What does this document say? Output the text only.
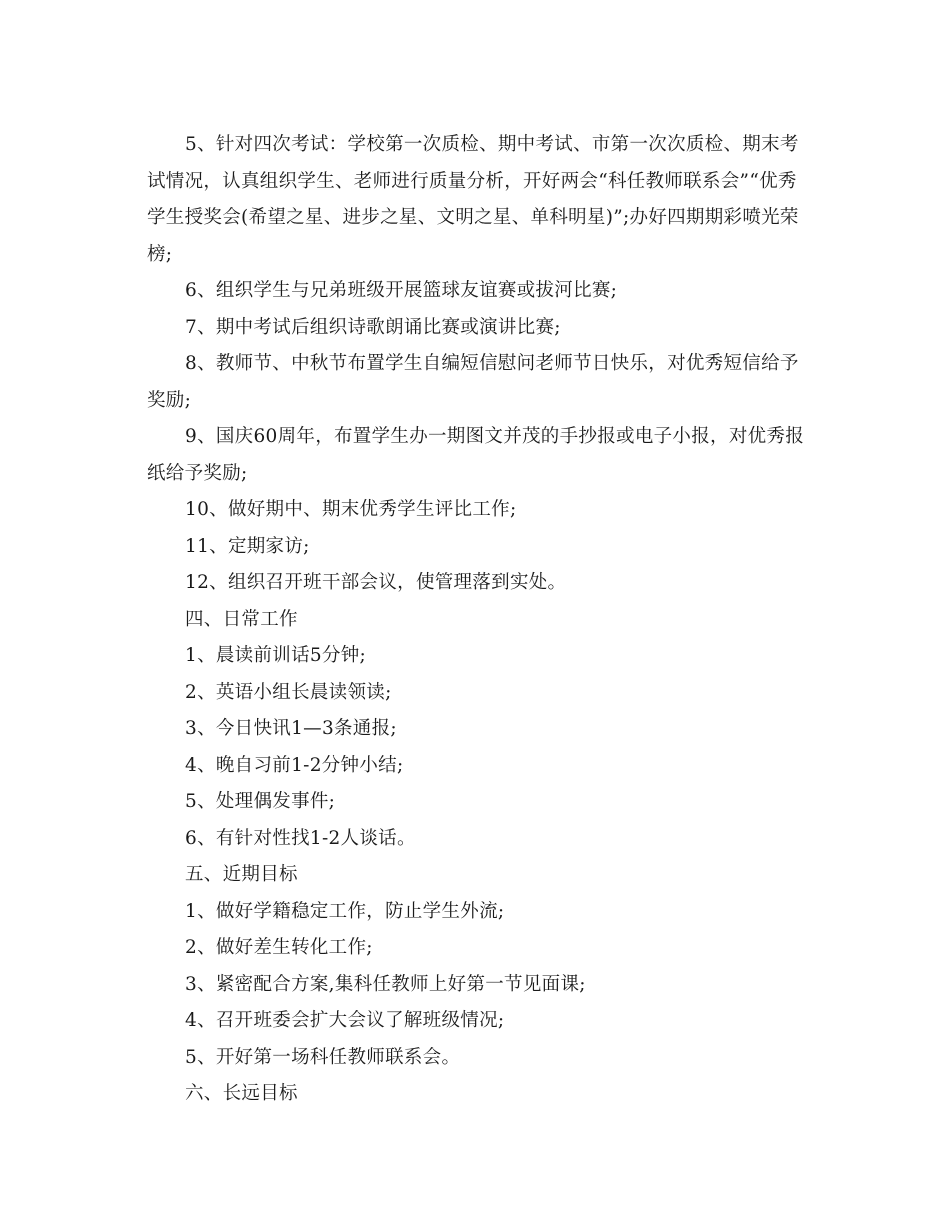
5、针对四次考试：学校第一次质检、期中考试、市第一次次质检、期末考试情况，认真组织学生、老师进行质量分析，开好两会“科任教师联系会”“优秀学生授奖会(希望之星、进步之星、文明之星、单科明星)”;办好四期期彩喷光荣榜;

6、组织学生与兄弟班级开展篮球友谊赛或拔河比赛;

7、期中考试后组织诗歌朗诵比赛或演讲比赛;

8、教师节、中秋节布置学生自编短信慰问老师节日快乐，对优秀短信给予奖励;

9、国庆60周年，布置学生办一期图文并茂的手抄报或电子小报，对优秀报纸给予奖励;

10、做好期中、期末优秀学生评比工作;

11、定期家访;

12、组织召开班干部会议，使管理落到实处。

四、日常工作

1、晨读前训话5分钟;

2、英语小组长晨读领读;

3、今日快讯1—3条通报;

4、晚自习前1-2分钟小结;

5、处理偶发事件;

6、有针对性找1-2人谈话。

五、近期目标

1、做好学籍稳定工作，防止学生外流;

2、做好差生转化工作;

3、紧密配合方案,集科任教师上好第一节见面课;

4、召开班委会扩大会议了解班级情况;

5、开好第一场科任教师联系会。

六、长远目标
